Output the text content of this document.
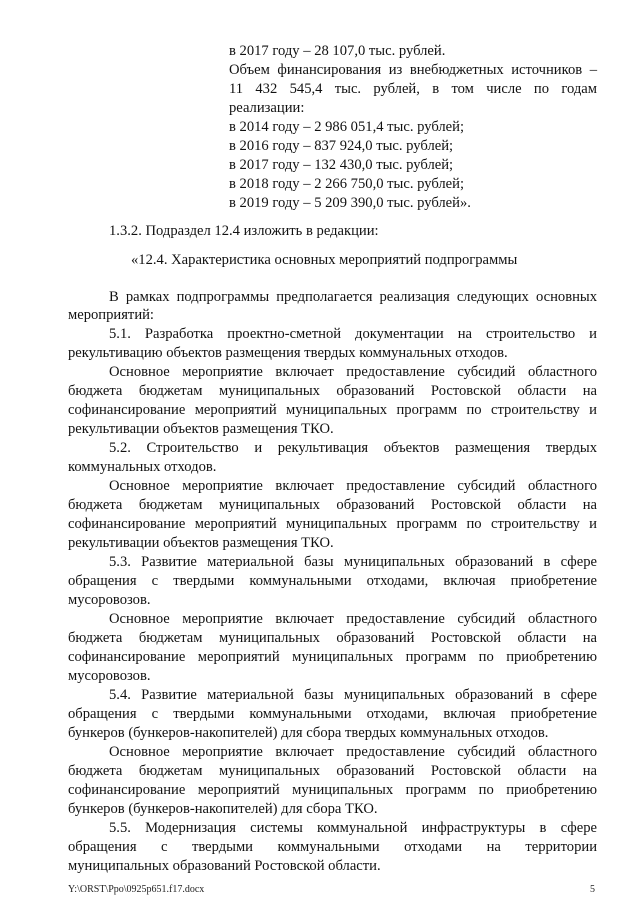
в 2017 году – 28 107,0 тыс. рублей.
Объем финансирования из внебюджетных источников –
11 432 545,4 тыс. рублей, в том числе по годам
реализации:
в 2014 году – 2 986 051,4 тыс. рублей;
в 2016 году – 837 924,0 тыс. рублей;
в 2017 году – 132 430,0 тыс. рублей;
в 2018 году – 2 266 750,0 тыс. рублей;
в 2019 году – 5 209 390,0 тыс. рублей».
1.3.2. Подраздел 12.4 изложить в редакции:
«12.4. Характеристика основных мероприятий подпрограммы
В рамках подпрограммы предполагается реализация следующих основных
мероприятий:
5.1. Разработка проектно-сметной документации на строительство и
рекультивацию объектов размещения твердых коммунальных отходов.
Основное мероприятие включает предоставление субсидий областного
бюджета бюджетам муниципальных образований Ростовской области на
софинансирование мероприятий муниципальных программ по строительству и
рекультивации объектов размещения ТКО.
5.2. Строительство и рекультивация объектов размещения твердых
коммунальных отходов.
Основное мероприятие включает предоставление субсидий областного
бюджета бюджетам муниципальных образований Ростовской области на
софинансирование мероприятий муниципальных программ по строительству и
рекультивации объектов размещения ТКО.
5.3. Развитие материальной базы муниципальных образований в сфере
обращения с твердыми коммунальными отходами, включая приобретение
мусоровозов.
Основное мероприятие включает предоставление субсидий областного
бюджета бюджетам муниципальных образований Ростовской области на
софинансирование мероприятий муниципальных программ по приобретению
мусоровозов.
5.4. Развитие материальной базы муниципальных образований в сфере
обращения с твердыми коммунальными отходами, включая приобретение
бункеров (бункеров-накопителей) для сбора твердых коммунальных отходов.
Основное мероприятие включает предоставление субсидий областного
бюджета бюджетам муниципальных образований Ростовской области на
софинансирование мероприятий муниципальных программ по приобретению
бункеров (бункеров-накопителей) для сбора ТКО.
5.5. Модернизация системы коммунальной инфраструктуры в сфере
обращения с твердыми коммунальными отходами на территории
муниципальных образований Ростовской области.
Y:\ORST\Ppo\0925p651.f17.docx	5
